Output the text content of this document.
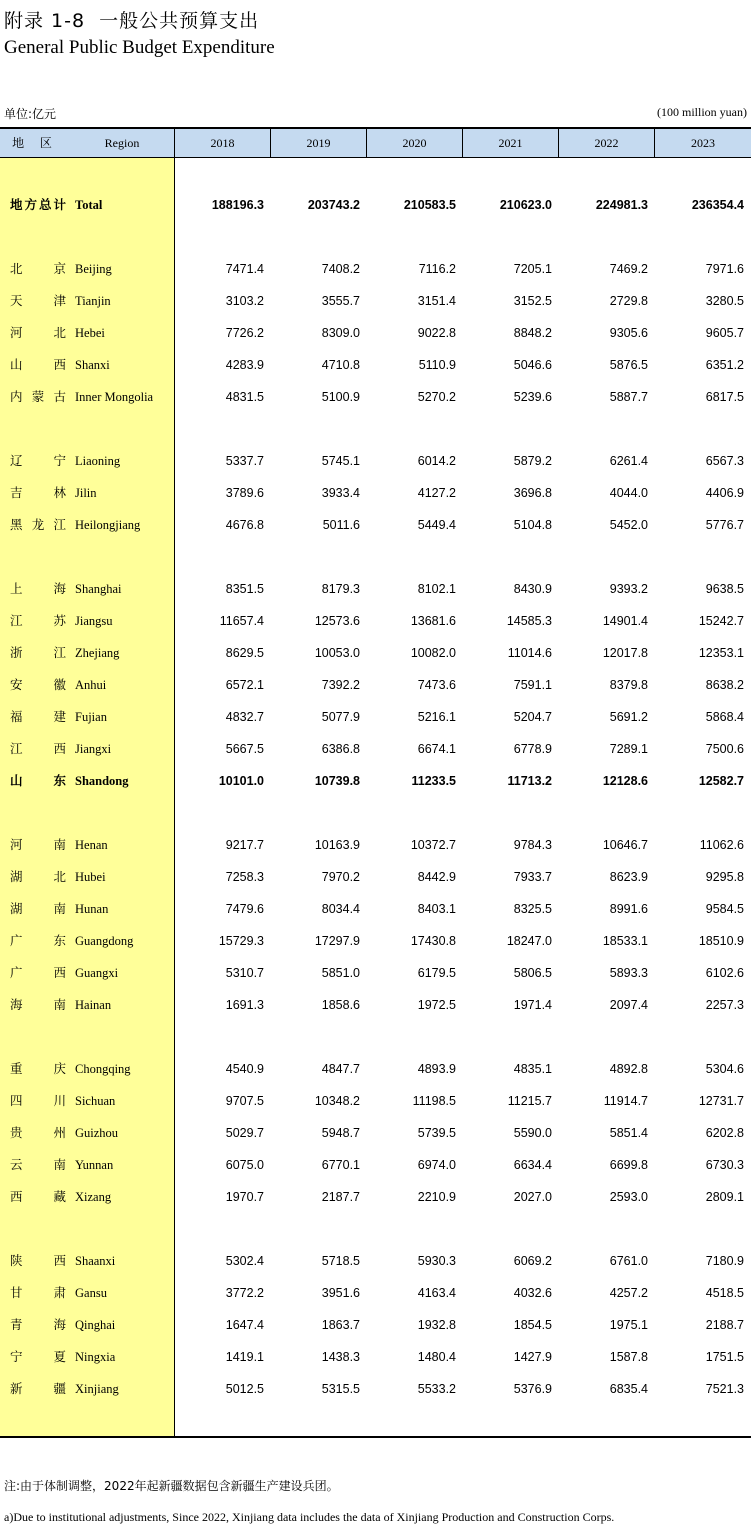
附录 1-8  一般公共预算支出
General Public Budget Expenditure
单位:亿元	(100 million yuan)
地 区	Region	2018	2019	2020	2021	2022	2023
地方总计 Total	188196.3	203743.2	210583.5	210623.0	224981.3	236354.4
北　京 Beijing	7471.4	7408.2	7116.2	7205.1	7469.2	7971.6
天　津 Tianjin	3103.2	3555.7	3151.4	3152.5	2729.8	3280.5
河　北 Hebei	7726.2	8309.0	9022.8	8848.2	9305.6	9605.7
山　西 Shanxi	4283.9	4710.8	5110.9	5046.6	5876.5	6351.2
内蒙古 Inner Mongolia	4831.5	5100.9	5270.2	5239.6	5887.7	6817.5
辽　宁 Liaoning	5337.7	5745.1	6014.2	5879.2	6261.4	6567.3
吉　林 Jilin	3789.6	3933.4	4127.2	3696.8	4044.0	4406.9
黑龙江 Heilongjiang	4676.8	5011.6	5449.4	5104.8	5452.0	5776.7
上　海 Shanghai	8351.5	8179.3	8102.1	8430.9	9393.2	9638.5
江　苏 Jiangsu	11657.4	12573.6	13681.6	14585.3	14901.4	15242.7
浙　江 Zhejiang	8629.5	10053.0	10082.0	11014.6	12017.8	12353.1
安　徽 Anhui	6572.1	7392.2	7473.6	7591.1	8379.8	8638.2
福　建 Fujian	4832.7	5077.9	5216.1	5204.7	5691.2	5868.4
江　西 Jiangxi	5667.5	6386.8	6674.1	6778.9	7289.1	7500.6
山　东 Shandong	10101.0	10739.8	11233.5	11713.2	12128.6	12582.7
河　南 Henan	9217.7	10163.9	10372.7	9784.3	10646.7	11062.6
湖　北 Hubei	7258.3	7970.2	8442.9	7933.7	8623.9	9295.8
湖　南 Hunan	7479.6	8034.4	8403.1	8325.5	8991.6	9584.5
广　东 Guangdong	15729.3	17297.9	17430.8	18247.0	18533.1	18510.9
广　西 Guangxi	5310.7	5851.0	6179.5	5806.5	5893.3	6102.6
海　南 Hainan	1691.3	1858.6	1972.5	1971.4	2097.4	2257.3
重　庆 Chongqing	4540.9	4847.7	4893.9	4835.1	4892.8	5304.6
四　川 Sichuan	9707.5	10348.2	11198.5	11215.7	11914.7	12731.7
贵　州 Guizhou	5029.7	5948.7	5739.5	5590.0	5851.4	6202.8
云　南 Yunnan	6075.0	6770.1	6974.0	6634.4	6699.8	6730.3
西　藏 Xizang	1970.7	2187.7	2210.9	2027.0	2593.0	2809.1
陕　西 Shaanxi	5302.4	5718.5	5930.3	6069.2	6761.0	7180.9
甘　肃 Gansu	3772.2	3951.6	4163.4	4032.6	4257.2	4518.5
青　海 Qinghai	1647.4	1863.7	1932.8	1854.5	1975.1	2188.7
宁　夏 Ningxia	1419.1	1438.3	1480.4	1427.9	1587.8	1751.5
新　疆 Xinjiang	5012.5	5315.5	5533.2	5376.9	6835.4	7521.3
注:由于体制调整，2022年起新疆数据包含新疆生产建设兵团。
a)Due to institutional adjustments, Since 2022, Xinjiang data includes the data of Xinjiang Production and Construction Corps.
